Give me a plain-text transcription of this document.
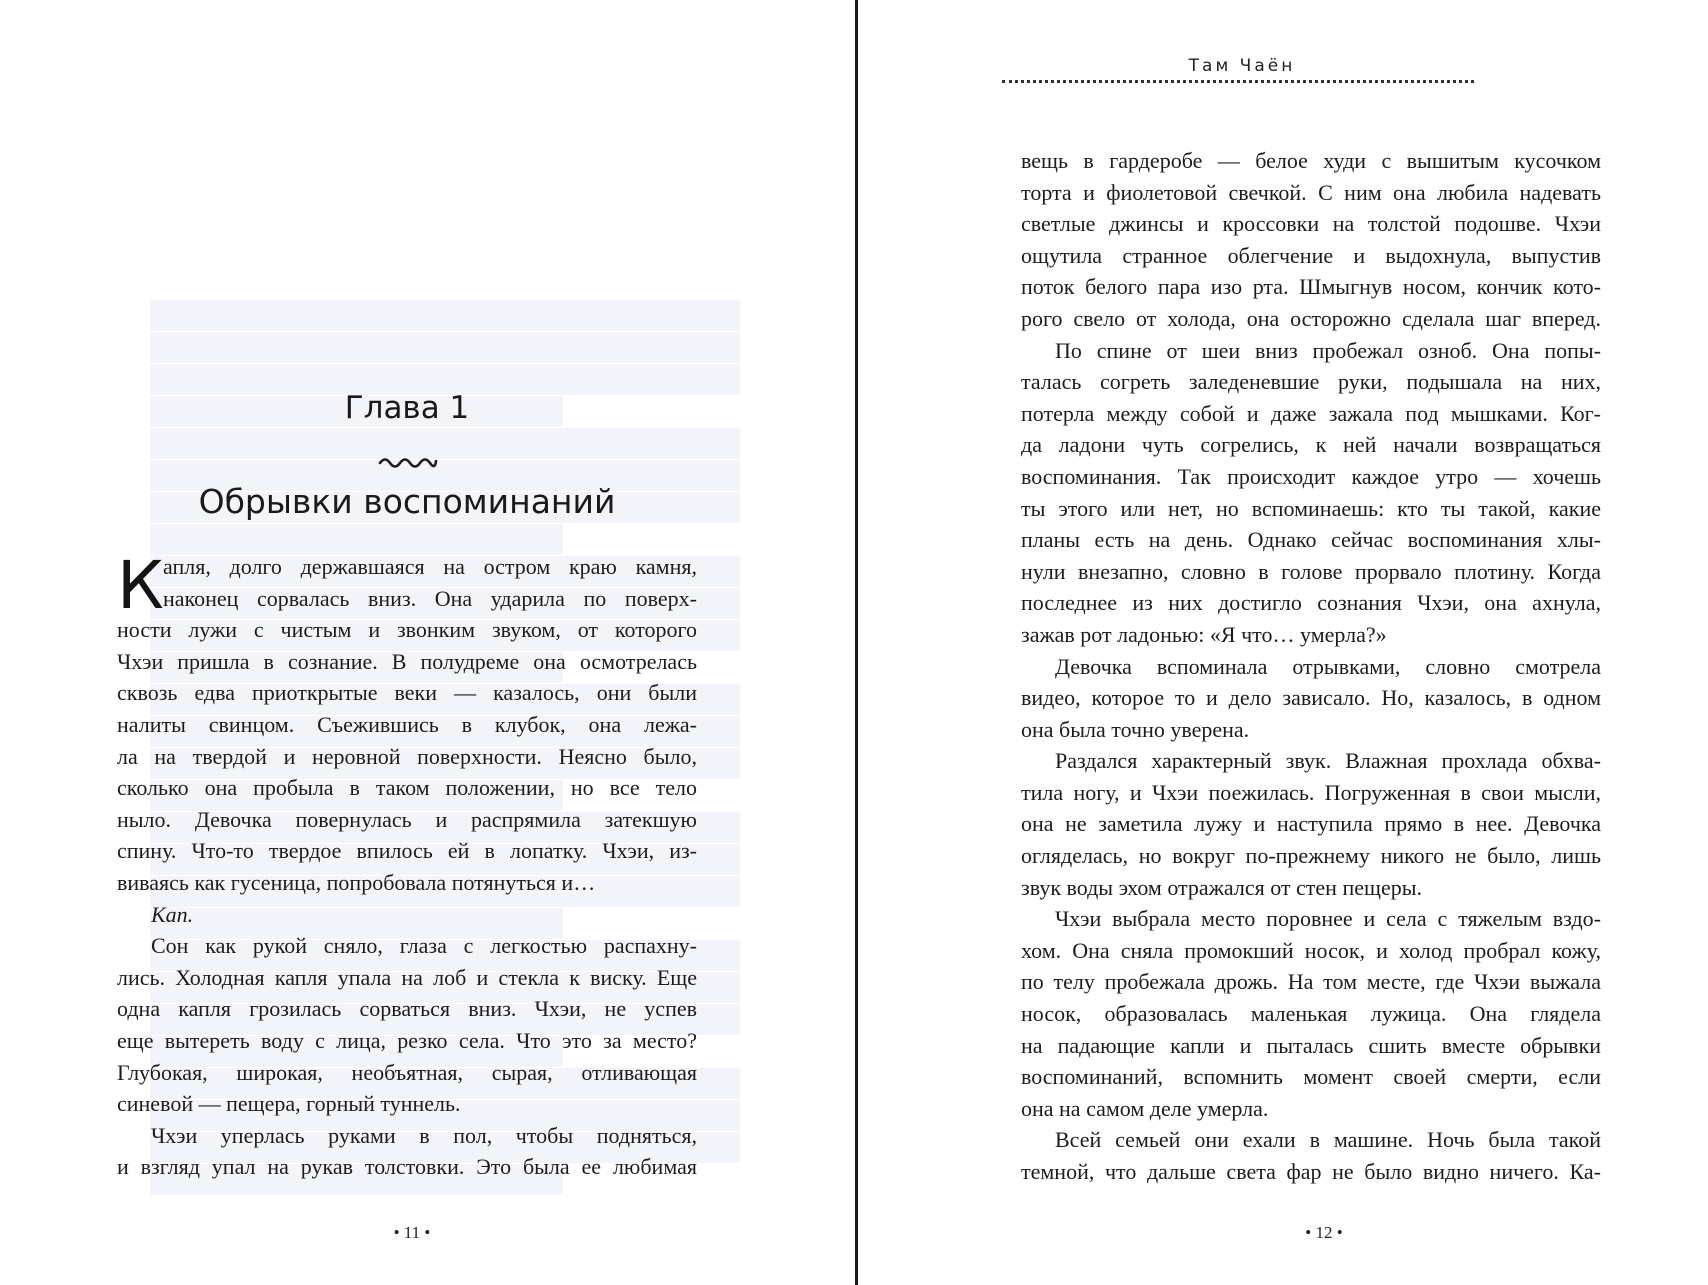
Глава 1
Обрывки воспоминаний
К апля, долго державшаяся на остром краю камня,
наконец сорвалась вниз. Она ударила по поверх-
ности лужи с чистым и звонким звуком, от которого
Чхэи пришла в сознание. В полудреме она осмотрелась
сквозь едва приоткрытые веки — казалось, они были
налиты свинцом. Съежившись в клубок, она лежа-
ла на твердой и неровной поверхности. Неясно было,
сколько она пробыла в таком положении, но все тело
ныло. Девочка повернулась и распрямила затекшую
спину. Что-то твердое впилось ей в лопатку. Чхэи, из-
виваясь как гусеница, попробовала потянуться и…
Кап.
Сон как рукой сняло, глаза с легкостью распахну-
лись. Холодная капля упала на лоб и стекла к виску. Еще
одна капля грозилась сорваться вниз. Чхэи, не успев
еще вытереть воду с лица, резко села. Что это за место?
Глубокая, широкая, необъятная, сырая, отливающая
синевой — пещера, горный туннель.
Чхэи уперлась руками в пол, чтобы подняться,
и взгляд упал на рукав толстовки. Это была ее любимая
• 11 •
Там Чаён
вещь в гардеробе — белое худи с вышитым кусочком
торта и фиолетовой свечкой. С ним она любила надевать
светлые джинсы и кроссовки на толстой подошве. Чхэи
ощутила странное облегчение и выдохнула, выпустив
поток белого пара изо рта. Шмыгнув носом, кончик кото-
рого свело от холода, она осторожно сделала шаг вперед.
По спине от шеи вниз пробежал озноб. Она попы-
талась согреть заледеневшие руки, подышала на них,
потерла между собой и даже зажала под мышками. Ког-
да ладони чуть согрелись, к ней начали возвращаться
воспоминания. Так происходит каждое утро — хочешь
ты этого или нет, но вспоминаешь: кто ты такой, какие
планы есть на день. Однако сейчас воспоминания хлы-
нули внезапно, словно в голове прорвало плотину. Когда
последнее из них достигло сознания Чхэи, она ахнула,
зажав рот ладонью: «Я что… умерла?»
Девочка вспоминала отрывками, словно смотрела
видео, которое то и дело зависало. Но, казалось, в одном
она была точно уверена.
Раздался характерный звук. Влажная прохлада обхва-
тила ногу, и Чхэи поежилась. Погруженная в свои мысли,
она не заметила лужу и наступила прямо в нее. Девочка
огляделась, но вокруг по-прежнему никого не было, лишь
звук воды эхом отражался от стен пещеры.
Чхэи выбрала место поровнее и села с тяжелым вздо-
хом. Она сняла промокший носок, и холод пробрал кожу,
по телу пробежала дрожь. На том месте, где Чхэи выжала
носок, образовалась маленькая лужица. Она глядела
на падающие капли и пыталась сшить вместе обрывки
воспоминаний, вспомнить момент своей смерти, если
она на самом деле умерла.
Всей семьей они ехали в машине. Ночь была такой
темной, что дальше света фар не было видно ничего. Ка-
• 12 •
